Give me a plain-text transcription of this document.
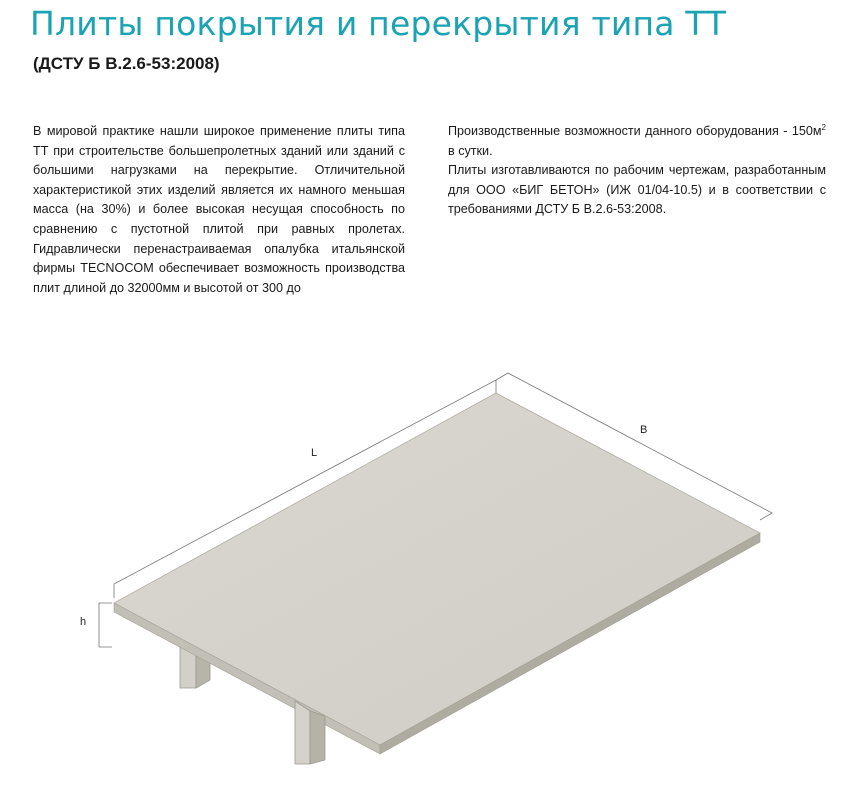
Плиты покрытия и перекрытия типа ТТ

(ДСТУ Б В.2.6-53:2008)

В мировой практике нашли широкое применение плиты типа ТТ при строительстве большепролетных зданий или зданий с большими нагрузками на перекрытие. Отличительной характеристикой этих изделий является их намного меньшая масса (на 30%) и более высокая несущая способность по сравнению с пустотной плитой при равных пролетах. Гидравлически перенастраиваемая опалубка итальянской фирмы TECNOCOM обеспечивает возможность производства плит длиной до 32000мм и высотой от 300 до

Производственные возможности данного оборудования - $150м^2$ в сутки.

Плиты изготавливаются по рабочим чертежам, разработанным для ООО «БИГ БЕТОН» (ИЖ 01/04-10.5) и в соответствии с требованиями ДСТУ Б В.2.6-53:2008.

L
B
h
